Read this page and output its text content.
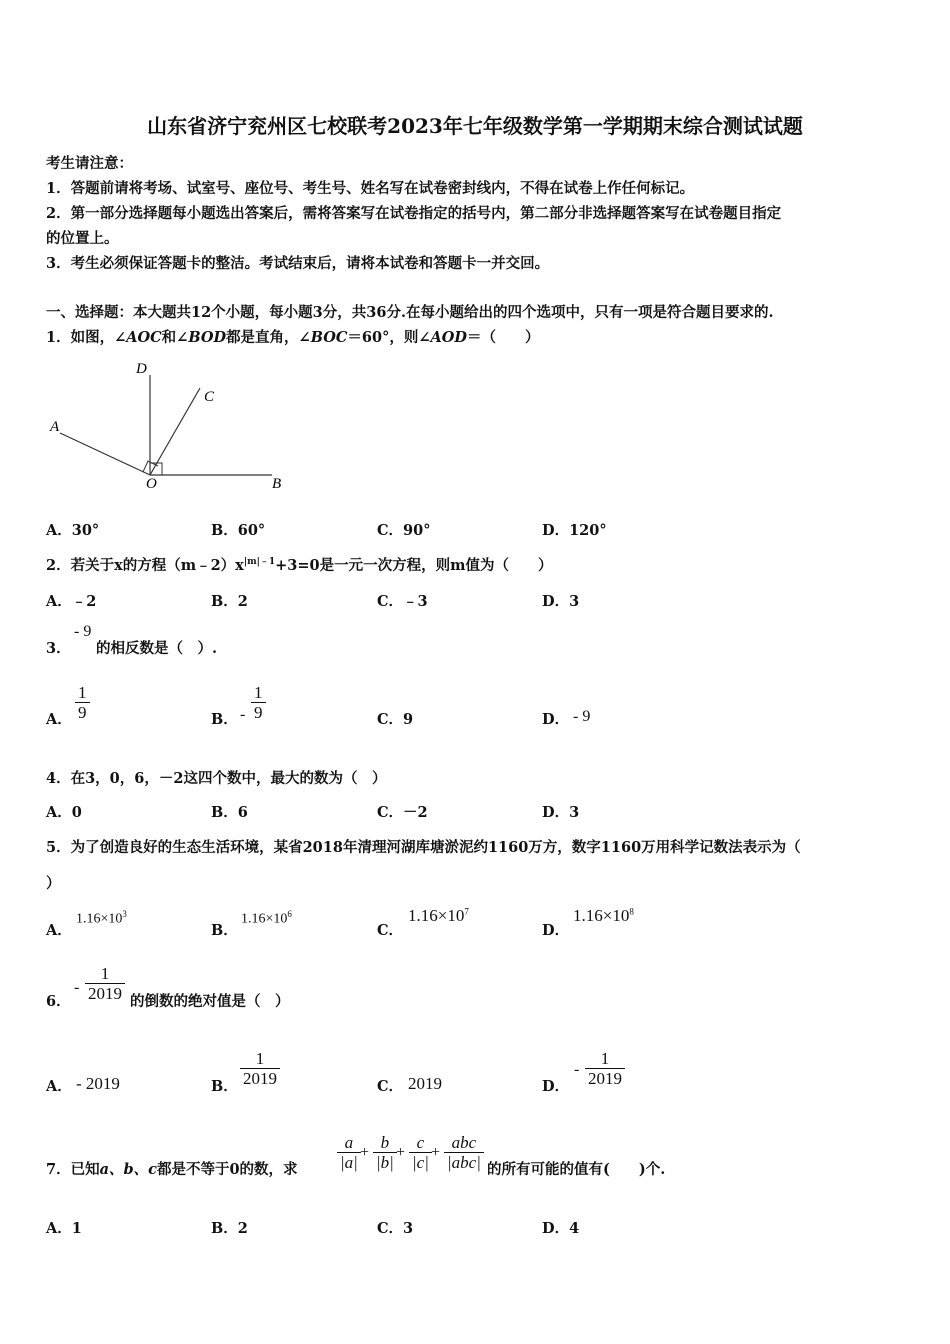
山东省济宁兖州区七校联考2023年七年级数学第一学期期末综合测试试题
考生请注意：
1．答题前请将考场、试室号、座位号、考生号、姓名写在试卷密封线内，不得在试卷上作任何标记。
2．第一部分选择题每小题选出答案后，需将答案写在试卷指定的括号内，第二部分非选择题答案写在试卷题目指定
的位置上。
3．考生必须保证答题卡的整洁。考试结束后，请将本试卷和答题卡一并交回。
一、选择题：本大题共12个小题，每小题3分，共36分.在每小题给出的四个选项中，只有一项是符合题目要求的.
1．如图，∠AOC和∠BOD都是直角，∠BOC＝60°，则∠AOD＝（　　）
D
C
A
O	B
A．30°	B．60°	C．90°	D．120°
2．若关于x的方程$(m﹣2)x^{|m|﹣1}+3=0$是一元一次方程，则m值为（　　）
A．﹣2	B．2	C．﹣3	D．3
3．
- 9
的相反数是（　）.
A． $\frac{1}{9}$	B． - $\frac{1}{9}$	C．9	D． - 9
4．在3，0，6，－2这四个数中，最大的数为（　）
A．0	B．6	C．－2	D．3
5．为了创造良好的生态生活环境，某省2018年清理河湖库塘淤泥约1160万方，数字1160万用科学记数法表示为（
）
A．
$1.16\times 10^3$
B．
$1.16\times 10^6$
C．
$1.16\times 10^7$
D．
$1.16\times 10^8$
- $\frac{1}{2019}$
6．	的倒数的绝对值是（　）
A． - 2019	B． $\frac{1}{2019}$	C． 2019	D．
- $\frac{1}{2019}$
7．已知a、b、c都是不等于0的数，求 $\frac{a}{|a|} + \frac{b}{|b|} + \frac{c}{|c|}$ +
abc
|abc| 的所有可能的值有(　　)个.
A．1	B．2	C．3	D．4
